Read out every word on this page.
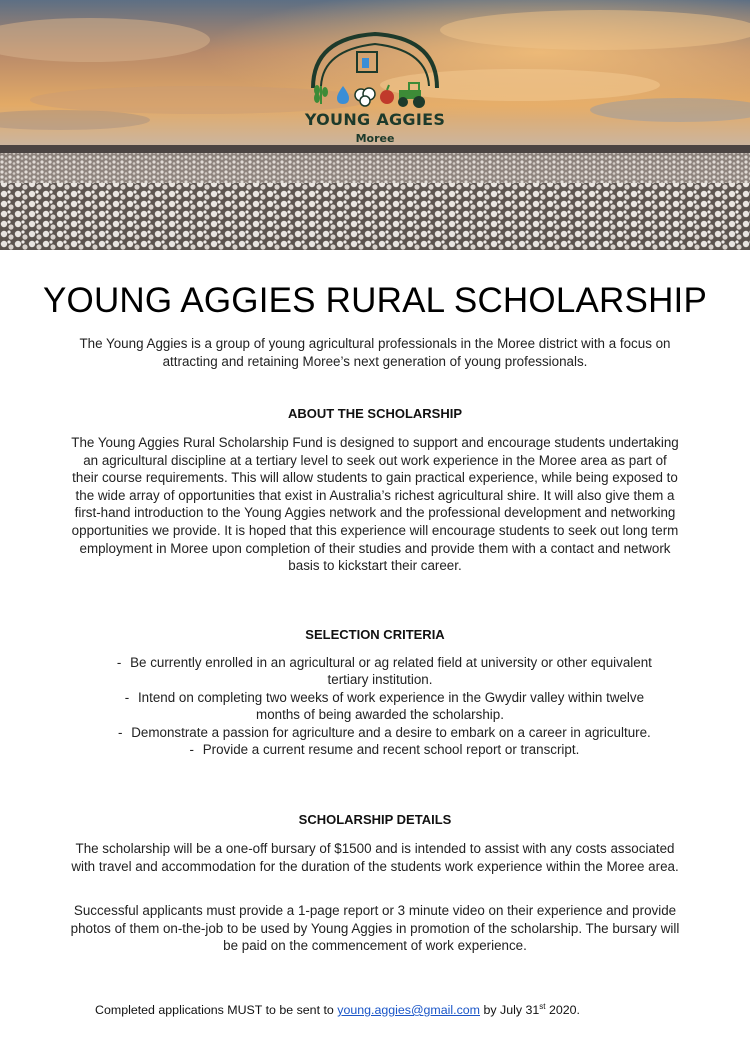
YOUNG AGGIES
Moree
YOUNG AGGIES RURAL SCHOLARSHIP

The Young Aggies is a group of young agricultural professionals in the Moree district with a focus on attracting and retaining Moree’s next generation of young professionals.

ABOUT THE SCHOLARSHIP

The Young Aggies Rural Scholarship Fund is designed to support and encourage students undertaking an agricultural discipline at a tertiary level to seek out work experience in the Moree area as part of their course requirements. This will allow students to gain practical experience, while being exposed to the wide array of opportunities that exist in Australia’s richest agricultural shire. It will also give them a first-hand introduction to the Young Aggies network and the professional development and networking opportunities we provide. It is hoped that this experience will encourage students to seek out long term employment in Moree upon completion of their studies and provide them with a contact and network basis to kickstart their career.

SELECTION CRITERIA
- Be currently enrolled in an agricultural or ag related field at university or other equivalent tertiary institution.
- Intend on completing two weeks of work experience in the Gwydir valley within twelve months of being awarded the scholarship.
- Demonstrate a passion for agriculture and a desire to embark on a career in agriculture.
- Provide a current resume and recent school report or transcript.
SCHOLARSHIP DETAILS

The scholarship will be a one-off bursary of $1500 and is intended to assist with any costs associated with travel and accommodation for the duration of the students work experience within the Moree area.

Successful applicants must provide a 1-page report or 3 minute video on their experience and provide photos of them on-the-job to be used by Young Aggies in promotion of the scholarship. The bursary will be paid on the commencement of work experience.

Completed applications MUST to be sent to young.aggies@gmail.com by July 31st 2020.
